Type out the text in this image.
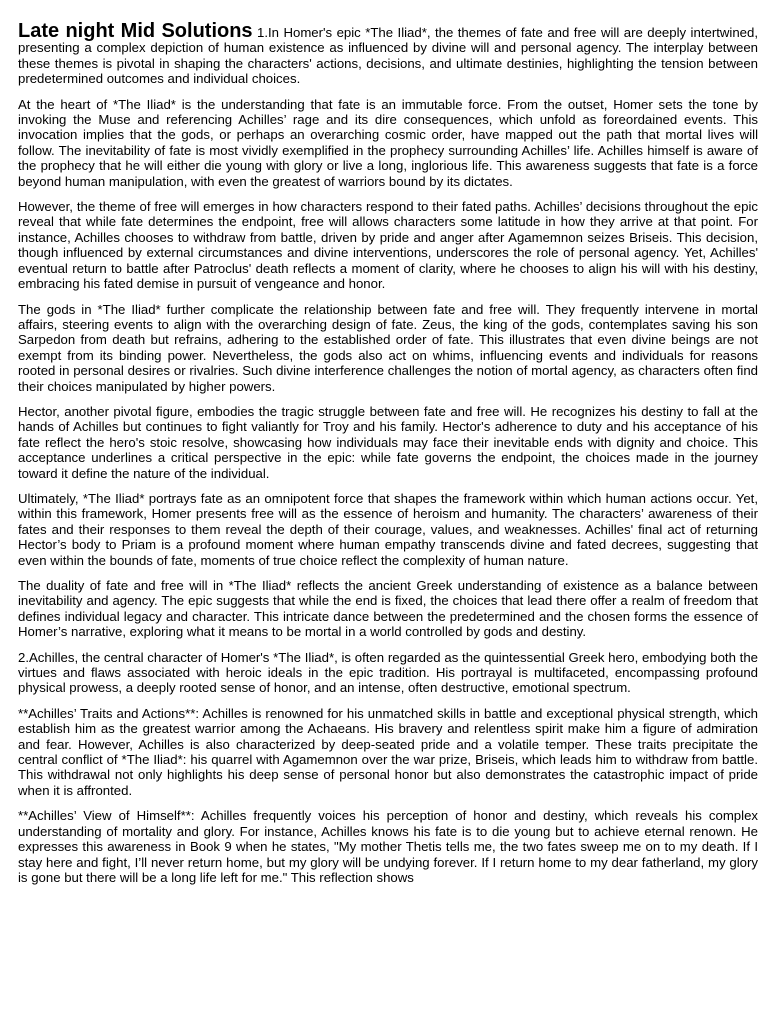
Late night Mid Solutions 1.In Homer's epic *The Iliad*, the themes of fate and free will are deeply intertwined, presenting a complex depiction of human existence as influenced by divine will and personal agency. The interplay between these themes is pivotal in shaping the characters' actions, decisions, and ultimate destinies, highlighting the tension between predetermined outcomes and individual choices.

At the heart of *The Iliad* is the understanding that fate is an immutable force. From the outset, Homer sets the tone by invoking the Muse and referencing Achilles’ rage and its dire consequences, which unfold as foreordained events. This invocation implies that the gods, or perhaps an overarching cosmic order, have mapped out the path that mortal lives will follow. The inevitability of fate is most vividly exemplified in the prophecy surrounding Achilles’ life. Achilles himself is aware of the prophecy that he will either die young with glory or live a long, inglorious life. This awareness suggests that fate is a force beyond human manipulation, with even the greatest of warriors bound by its dictates.

However, the theme of free will emerges in how characters respond to their fated paths. Achilles’ decisions throughout the epic reveal that while fate determines the endpoint, free will allows characters some latitude in how they arrive at that point. For instance, Achilles chooses to withdraw from battle, driven by pride and anger after Agamemnon seizes Briseis. This decision, though influenced by external circumstances and divine interventions, underscores the role of personal agency. Yet, Achilles' eventual return to battle after Patroclus' death reflects a moment of clarity, where he chooses to align his will with his destiny, embracing his fated demise in pursuit of vengeance and honor.

The gods in *The Iliad* further complicate the relationship between fate and free will. They frequently intervene in mortal affairs, steering events to align with the overarching design of fate. Zeus, the king of the gods, contemplates saving his son Sarpedon from death but refrains, adhering to the established order of fate. This illustrates that even divine beings are not exempt from its binding power. Nevertheless, the gods also act on whims, influencing events and individuals for reasons rooted in personal desires or rivalries. Such divine interference challenges the notion of mortal agency, as characters often find their choices manipulated by higher powers.

Hector, another pivotal figure, embodies the tragic struggle between fate and free will. He recognizes his destiny to fall at the hands of Achilles but continues to fight valiantly for Troy and his family. Hector's adherence to duty and his acceptance of his fate reflect the hero's stoic resolve, showcasing how individuals may face their inevitable ends with dignity and choice. This acceptance underlines a critical perspective in the epic: while fate governs the endpoint, the choices made in the journey toward it define the nature of the individual.

Ultimately, *The Iliad* portrays fate as an omnipotent force that shapes the framework within which human actions occur. Yet, within this framework, Homer presents free will as the essence of heroism and humanity. The characters’ awareness of their fates and their responses to them reveal the depth of their courage, values, and weaknesses. Achilles' final act of returning Hector’s body to Priam is a profound moment where human empathy transcends divine and fated decrees, suggesting that even within the bounds of fate, moments of true choice reflect the complexity of human nature.

The duality of fate and free will in *The Iliad* reflects the ancient Greek understanding of existence as a balance between inevitability and agency. The epic suggests that while the end is fixed, the choices that lead there offer a realm of freedom that defines individual legacy and character. This intricate dance between the predetermined and the chosen forms the essence of Homer’s narrative, exploring what it means to be mortal in a world controlled by gods and destiny.

2.Achilles, the central character of Homer's *The Iliad*, is often regarded as the quintessential Greek hero, embodying both the virtues and flaws associated with heroic ideals in the epic tradition. His portrayal is multifaceted, encompassing profound physical prowess, a deeply rooted sense of honor, and an intense, often destructive, emotional spectrum.

**Achilles’ Traits and Actions**: Achilles is renowned for his unmatched skills in battle and exceptional physical strength, which establish him as the greatest warrior among the Achaeans. His bravery and relentless spirit make him a figure of admiration and fear. However, Achilles is also characterized by deep-seated pride and a volatile temper. These traits precipitate the central conflict of *The Iliad*: his quarrel with Agamemnon over the war prize, Briseis, which leads him to withdraw from battle. This withdrawal not only highlights his deep sense of personal honor but also demonstrates the catastrophic impact of pride when it is affronted.

**Achilles’ View of Himself**: Achilles frequently voices his perception of honor and destiny, which reveals his complex understanding of mortality and glory. For instance, Achilles knows his fate is to die young but to achieve eternal renown. He expresses this awareness in Book 9 when he states, "My mother Thetis tells me, the two fates sweep me on to my death. If I stay here and fight, I’ll never return home, but my glory will be undying forever. If I return home to my dear fatherland, my glory is gone but there will be a long life left for me." This reflection shows
